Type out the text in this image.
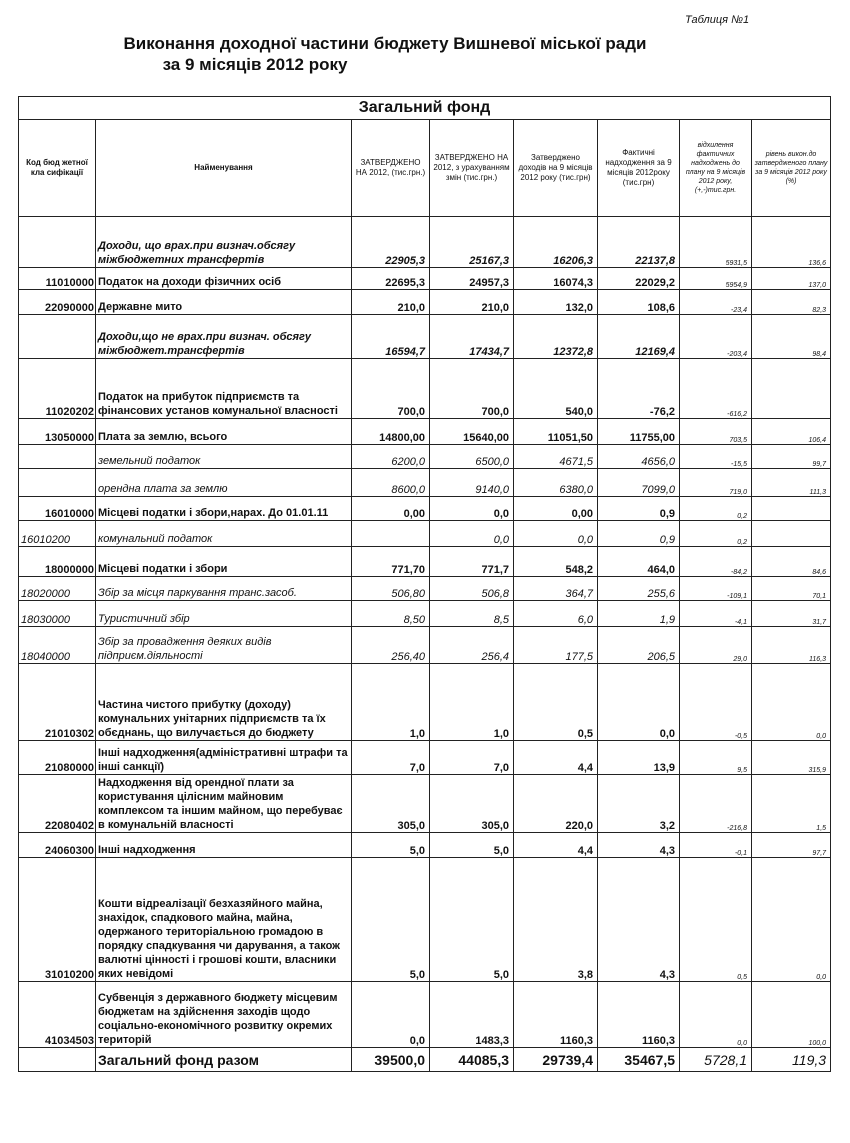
Таблиця №1
Виконання доходної частини бюджету Вишневої міської ради
за 9 місяців 2012 року
Загальний фонд							
Код бюд жетної кла сифікації	Найменування	ЗАТВЕРДЖЕНО НА 2012, (тис.грн.)	ЗАТВЕРДЖЕНО НА 2012, з урахуванням змін (тис.грн.)	Затверджено доходів на 9 місяців 2012 року (тис.грн)	Фактичні надходження за 9 місяців 2012року (тис.грн)	відхилення фактичних надходжень до плану на 9 місяців 2012 року, (+,-)тис.грн.	рівень викон.до затвердженого плану за 9 місяців 2012 року (%)
	Доходи, що врах.при визнач.обсягу міжбюджетних трансфертів	22905,3	25167,3	16206,3	22137,8	5931,5	136,6
11010000	Податок на доходи фізичних осіб	22695,3	24957,3	16074,3	22029,2	5954,9	137,0
22090000	Державне мито	210,0	210,0	132,0	108,6	-23,4	82,3
	Доходи,що не врах.при визнач. обсягу міжбюджет.трансфертів	16594,7	17434,7	12372,8	12169,4	-203,4	98,4
11020202	Податок на прибуток підприємств та фінансових установ комунальної власності	700,0	700,0	540,0	-76,2	-616,2	
13050000	Плата за землю, всього	14800,00	15640,00	11051,50	11755,00	703,5	106,4
	земельний податок	6200,0	6500,0	4671,5	4656,0	-15,5	99,7
	орендна плата за землю	8600,0	9140,0	6380,0	7099,0	719,0	111,3
16010000	Місцеві податки і збори,нарах. До 01.01.11	0,00	0,0	0,00	0,9	0,2	
16010200	комунальний податок		0,0	0,0	0,9	0,2	
18000000	Місцеві податки і збори	771,70	771,7	548,2	464,0	-84,2	84,6
18020000	Збір за місця паркування транс.засоб.	506,80	506,8	364,7	255,6	-109,1	70,1
18030000	Туристичний збір	8,50	8,5	6,0	1,9	-4,1	31,7
18040000	Збір за провадження деяких видів підприєм.діяльності	256,40	256,4	177,5	206,5	29,0	116,3
21010302	Частина чистого прибутку (доходу) комунальних унітарних підприємств та їх обєднань, що вилучається до бюджету	1,0	1,0	0,5	0,0	-0,5	0,0
21080000	Інші надходження(адміністративні штрафи та інші санкції)	7,0	7,0	4,4	13,9	9,5	315,9
22080402	Надходження від орендної плати за користування цілісним майновим комплексом та іншим майном, що перебуває в комунальній власності	305,0	305,0	220,0	3,2	-216,8	1,5
24060300	Інші надходження	5,0	5,0	4,4	4,3	-0,1	97,7
31010200	Кошти відреалізації безхазяйного майна, знахідок, спадкового майна, майна, одержаного територіальною громадою в порядку спадкування чи дарування, а також валютні цінності і грошові кошти, власники яких невідомі	5,0	5,0	3,8	4,3	0,5	0,0
41034503	Субвенція з державного бюджету місцевим бюджетам на здійснення заходів щодо соціально-економічного розвитку окремих територій	0,0	1483,3	1160,3	1160,3	0,0	100,0
	Загальний фонд разом	39500,0	44085,3	29739,4	35467,5	5728,1	119,3
